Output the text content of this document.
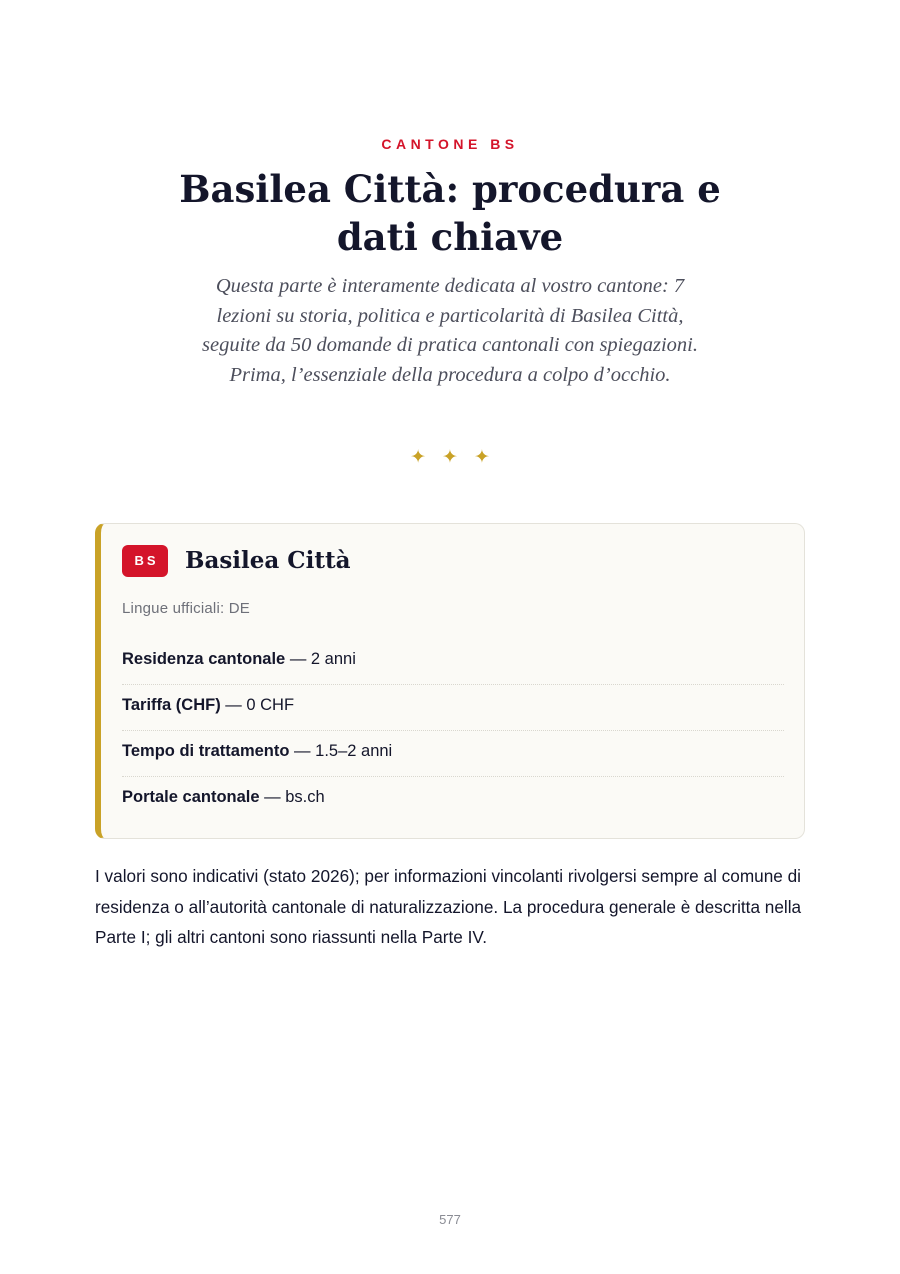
CANTONE BS
Basilea Città: procedura e dati chiave

Questa parte è interamente dedicata al vostro cantone: 7 lezioni su storia, politica e particolarità di Basilea Città, seguite da 50 domande di pratica cantonali con spiegazioni. Prima, l’essenziale della procedura a colpo d’occhio.

✦✦✦
BS	Basilea Città
Lingue ufficiali: DE
Residenza cantonale — 2 anni
Tariffa (CHF) — 0 CHF
Tempo di trattamento — 1.5–2 anni
Portale cantonale — bs.ch

I valori sono indicativi (stato 2026); per informazioni vincolanti rivolgersi sempre al comune di residenza o all’autorità cantonale di naturalizzazione. La procedura generale è descritta nella Parte I; gli altri cantoni sono riassunti nella Parte IV.

577
